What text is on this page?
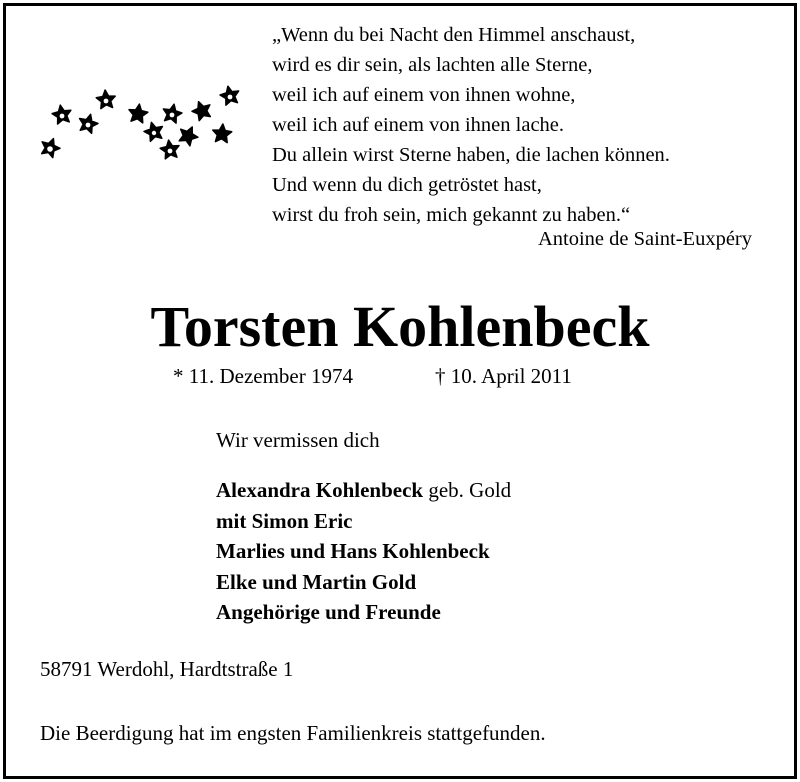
„Wenn du bei Nacht den Himmel anschaust,
wird es dir sein, als lachten alle Sterne,
weil ich auf einem von ihnen wohne,
weil ich auf einem von ihnen lache.
Du allein wirst Sterne haben, die lachen können.
Und wenn du dich getröstet hast,
wirst du froh sein, mich gekannt zu haben.“
Antoine de Saint-Euxpéry
Torsten Kohlenbeck
* 11. Dezember 1974	† 10. April 2011
Wir vermissen dich
Alexandra Kohlenbeck geb. Gold
mit Simon Eric
Marlies und Hans Kohlenbeck
Elke und Martin Gold
Angehörige und Freunde
58791 Werdohl, Hardtstraße 1
Die Beerdigung hat im engsten Familienkreis stattgefunden.
